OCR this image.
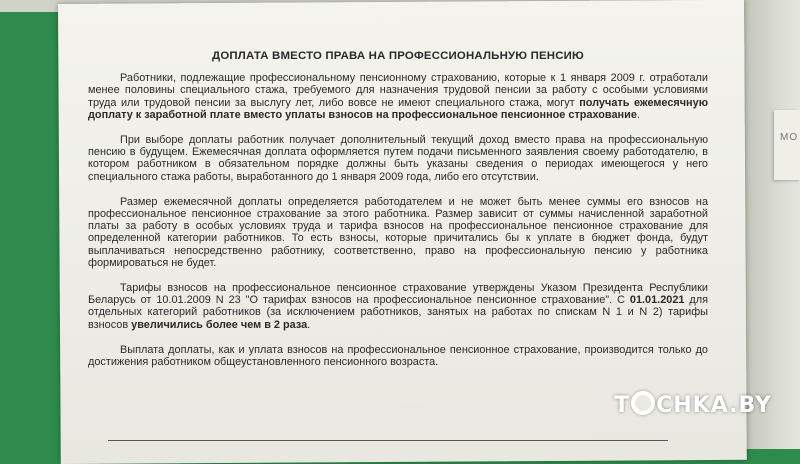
MO
ДОПЛАТА ВМЕСТО ПРАВА НА ПРОФЕССИОНАЛЬНУЮ ПЕНСИЮ

Работники, подлежащие профессиональному пенсионному страхованию, которые к 1 января 2009 г. отработали менее половины специального стажа, требуемого для назначения трудовой пенсии за работу с особыми условиями труда или трудовой пенсии за выслугу лет, либо вовсе не имеют специального стажа, могут получать ежемесячную доплату к заработной плате вместо уплаты взносов на профессиональное пенсионное страхование.

При выборе доплаты работник получает дополнительный текущий доход вместо права на профессиональную пенсию в будущем. Ежемесячная доплата оформляется путем подачи письменного заявления своему работодателю, в котором работником в обязательном порядке должны быть указаны сведения о периодах имеющегося у него специального стажа работы, выработанного до 1 января 2009 года, либо его отсутствии.

Размер ежемесячной доплаты определяется работодателем и не может быть менее суммы его взносов на профессиональное пенсионное страхование за этого работника. Размер зависит от суммы начисленной заработной платы за работу в особых условиях труда и тарифа взносов на профессиональное пенсионное страхование для определенной категории работников. То есть взносы, которые причитались бы к уплате в бюджет фонда, будут выплачиваться непосредственно работнику, соответственно, право на профессиональную пенсию у работника формироваться не будет.

Тарифы взносов на профессиональное пенсионное страхование утверждены Указом Президента Республики Беларусь от 10.01.2009 N 23 "О тарифах взносов на профессиональное пенсионное страхование". С 01.01.2021 для отдельных категорий работников (за исключением работников, занятых на работах по спискам N 1 и N 2) тарифы взносов увеличились более чем в 2 раза.

Выплата доплаты, как и уплата взносов на профессиональное пенсионное страхование, производится только до достижения работником общеустановленного пенсионного возраста.

T CHKA.BY
